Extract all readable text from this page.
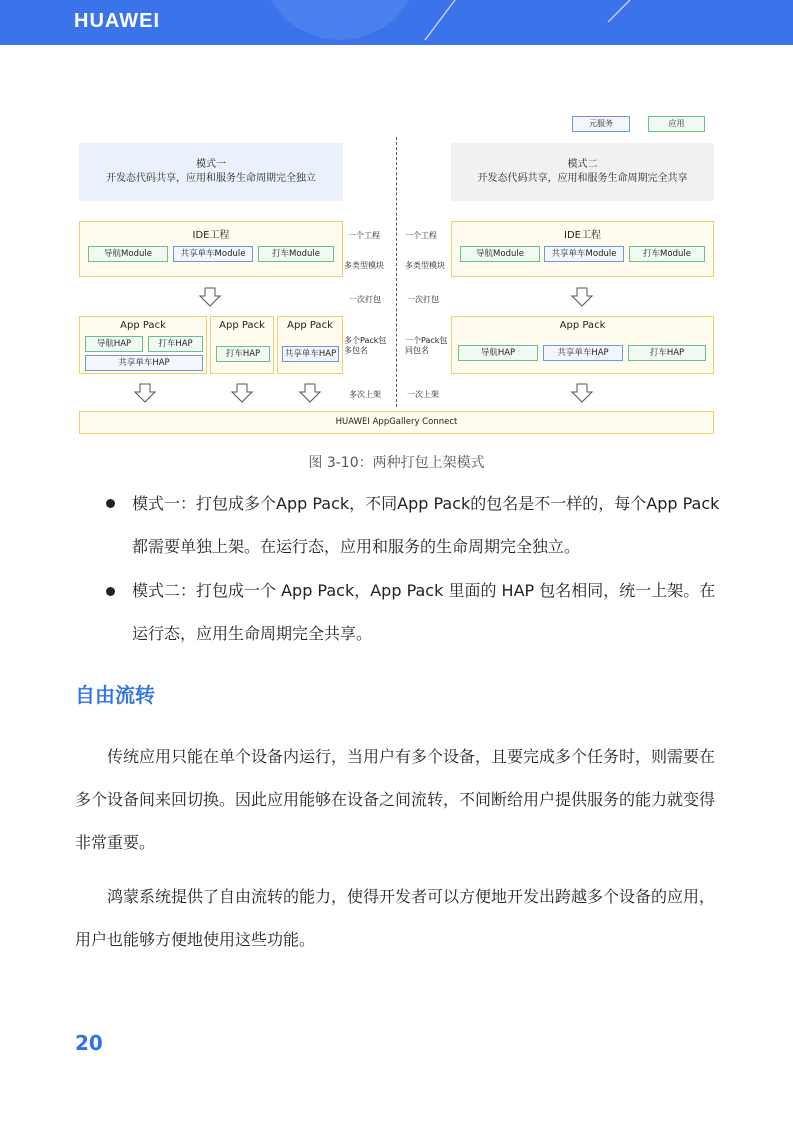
HUAWEI
元服务	应用
模式一
开发态代码共享，应用和服务生命周期完全独立
模式二
开发态代码共享，应用和服务生命周期完全共享
IDE工程
导航Module	共享单车Module	打车Module
IDE工程
导航Module	共享单车Module	打车Module
一个工程
多类型模块
一次打包
多个Pack包
多包名
多次上架
一个工程
多类型模块
一次打包
一个Pack包
同包名
一次上架
App Pack
导航HAP	打车HAP
共享单车HAP
App Pack
打车HAP
App Pack
共享单车HAP
App Pack
导航HAP	共享单车HAP	打车HAP
HUAWEI AppGallery Connect
图 3-10：两种打包上架模式
模式一：打包成多个App Pack，不同App Pack的包名是不一样的，每个App Pack
都需要单独上架。在运行态，应用和服务的生命周期完全独立。
模式二：打包成一个 App Pack，App Pack 里面的 HAP 包名相同，统一上架。在
运行态，应用生命周期完全共享。
自由流转
传统应用只能在单个设备内运行，当用户有多个设备，且要完成多个任务时，则需要在
多个设备间来回切换。因此应用能够在设备之间流转，不间断给用户提供服务的能力就变得
非常重要。
鸿蒙系统提供了自由流转的能力，使得开发者可以方便地开发出跨越多个设备的应用，
用户也能够方便地使用这些功能。
20
